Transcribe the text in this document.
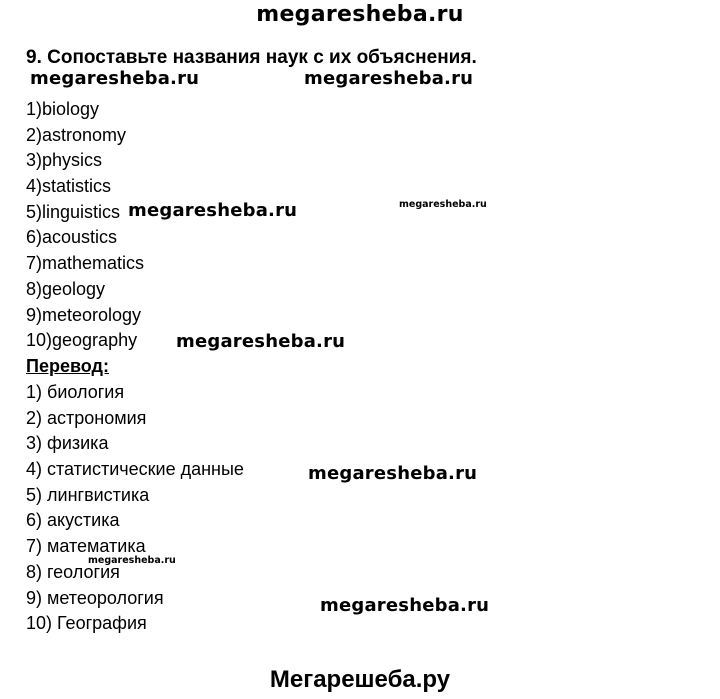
megaresheba.ru
9. Сопоставьте названия наук с их объяснения.
megaresheba.ru	megaresheba.ru
1)biology
2)astronomy
3)physics
4)statistics
5)linguistics
6)acoustics
7)mathematics
8)geology
9)meteorology
10)geography
megaresheba.ru	megaresheba.ru
megaresheba.ru
Перевод:
1) биология
2) астрономия
3) физика
4) статистические данные
5) лингвистика
6) акустика
7) математика
8) геология
9) метеорология
10) География
megaresheba.ru
megaresheba.ru
megaresheba.ru
Мегарешеба.ру
